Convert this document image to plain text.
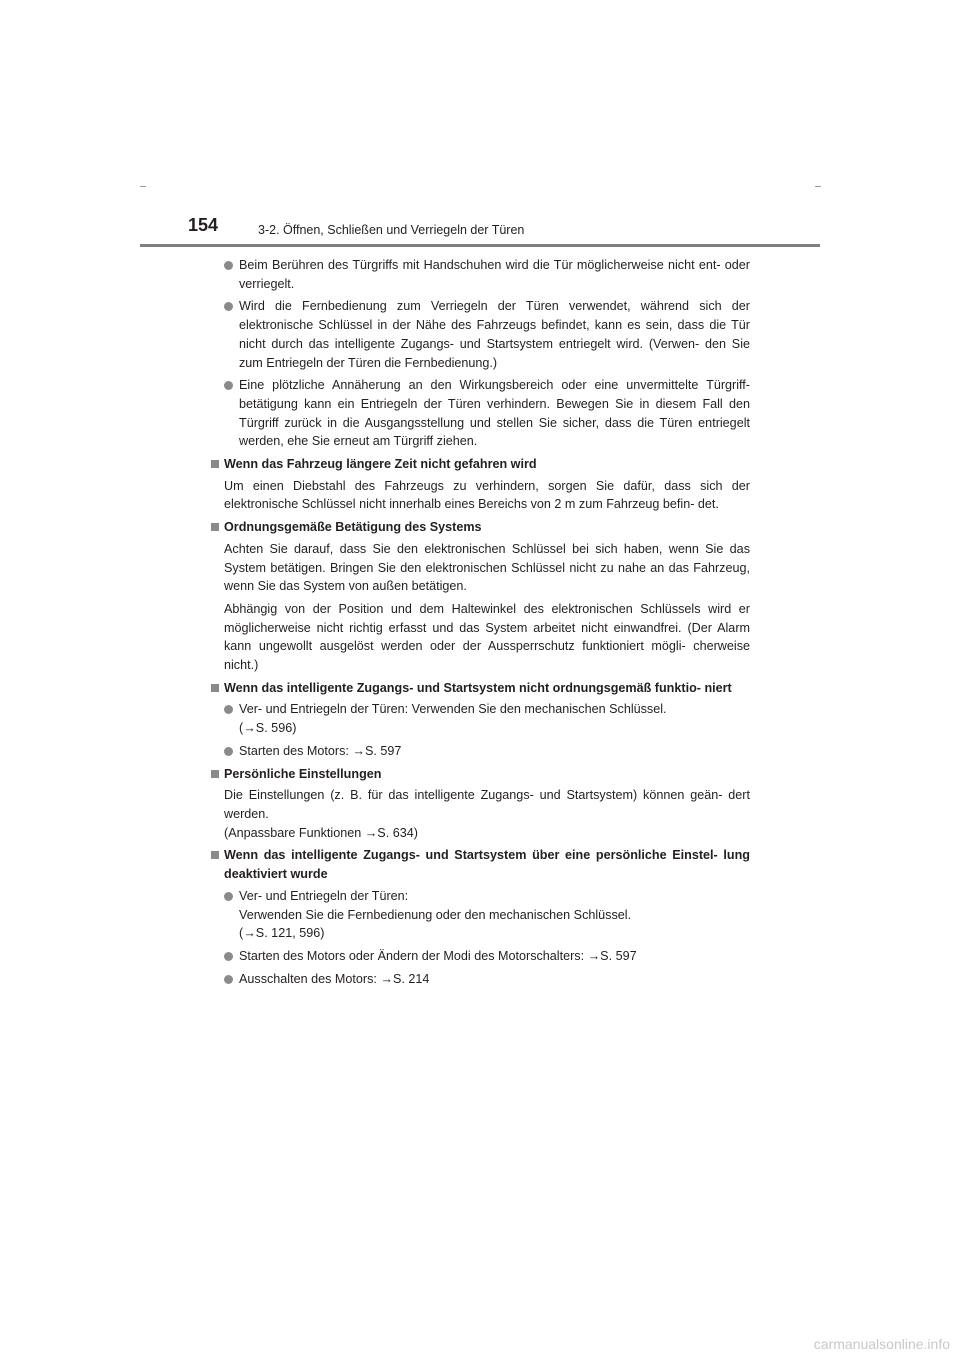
154	3-2. Öffnen, Schließen und Verriegeln der Türen
Beim Berühren des Türgriffs mit Handschuhen wird die Tür möglicherweise nicht ent- oder verriegelt.
Wird die Fernbedienung zum Verriegeln der Türen verwendet, während sich der elektronische Schlüssel in der Nähe des Fahrzeugs befindet, kann es sein, dass die Tür nicht durch das intelligente Zugangs- und Startsystem entriegelt wird. (Verwen- den Sie zum Entriegeln der Türen die Fernbedienung.)
Eine plötzliche Annäherung an den Wirkungsbereich oder eine unvermittelte Türgriff- betätigung kann ein Entriegeln der Türen verhindern. Bewegen Sie in diesem Fall den Türgriff zurück in die Ausgangsstellung und stellen Sie sicher, dass die Türen entriegelt werden, ehe Sie erneut am Türgriff ziehen.
Wenn das Fahrzeug längere Zeit nicht gefahren wird
Um einen Diebstahl des Fahrzeugs zu verhindern, sorgen Sie dafür, dass sich der elektronische Schlüssel nicht innerhalb eines Bereichs von 2 m zum Fahrzeug befin- det.
Ordnungsgemäße Betätigung des Systems
Achten Sie darauf, dass Sie den elektronischen Schlüssel bei sich haben, wenn Sie das System betätigen. Bringen Sie den elektronischen Schlüssel nicht zu nahe an das Fahrzeug, wenn Sie das System von außen betätigen.
Abhängig von der Position und dem Haltewinkel des elektronischen Schlüssels wird er möglicherweise nicht richtig erfasst und das System arbeitet nicht einwandfrei. (Der Alarm kann ungewollt ausgelöst werden oder der Aussperrschutz funktioniert mögli- cherweise nicht.)
Wenn das intelligente Zugangs- und Startsystem nicht ordnungsgemäß funktio- niert
Ver- und Entriegeln der Türen: Verwenden Sie den mechanischen Schlüssel.
(→S. 596)
Starten des Motors: →S. 597
Persönliche Einstellungen
Die Einstellungen (z. B. für das intelligente Zugangs- und Startsystem) können geän- dert werden.
(Anpassbare Funktionen →S. 634)
Wenn das intelligente Zugangs- und Startsystem über eine persönliche Einstel- lung deaktiviert wurde
Ver- und Entriegeln der Türen:
Verwenden Sie die Fernbedienung oder den mechanischen Schlüssel.
(→S. 121, 596)
Starten des Motors oder Ändern der Modi des Motorschalters: →S. 597
Ausschalten des Motors: →S. 214
carmanualsonline.info
